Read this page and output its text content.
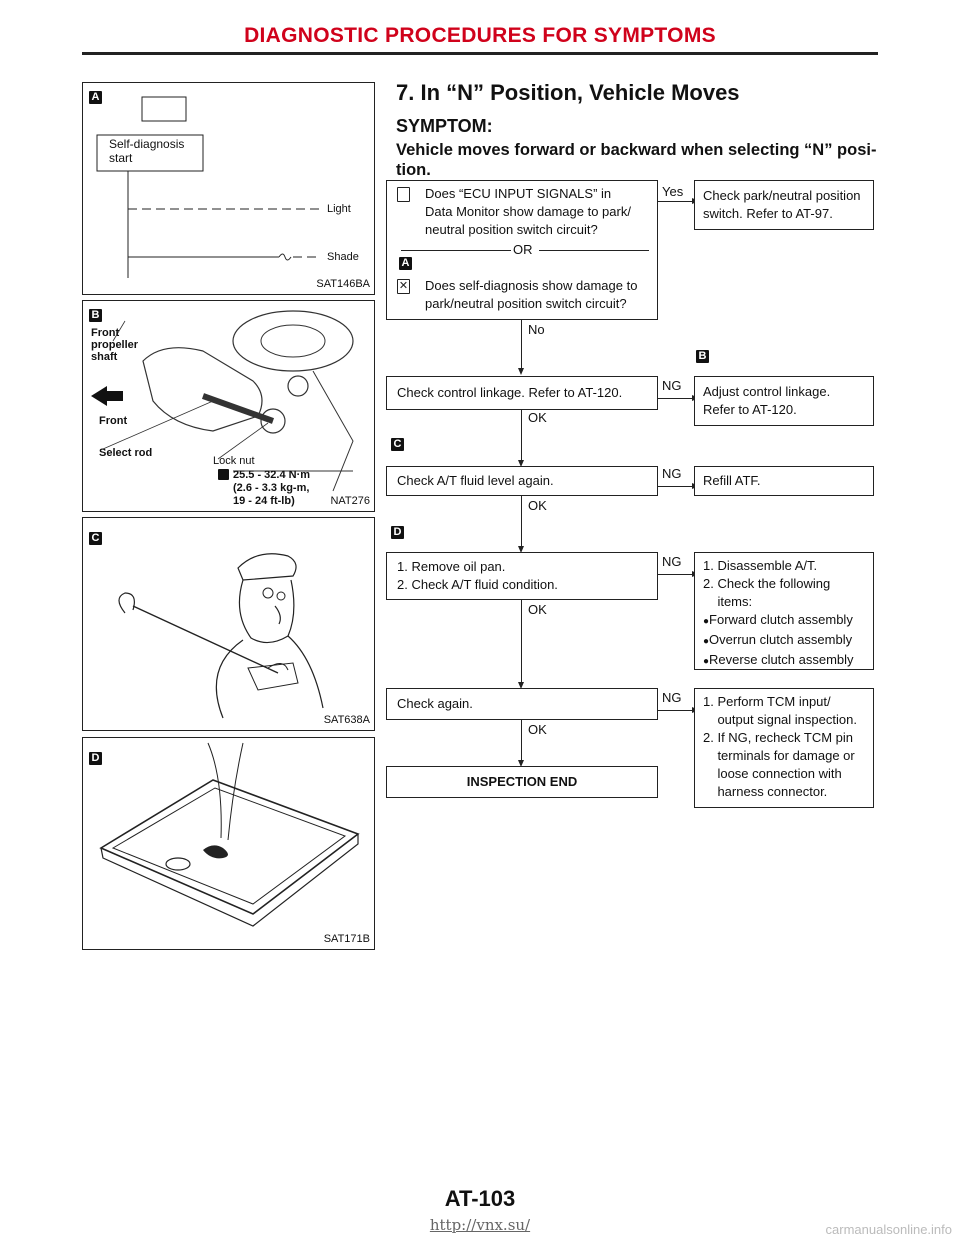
DIAGNOSTIC PROCEDURES FOR SYMPTOMS
A
Self-diagnosis
start
Light
Shade
SAT146BA
B
Front
propeller
shaft
Front
Select rod
Lock nut
25.5 - 32.4 N·m
(2.6 - 3.3 kg-m,
19 - 24 ft-lb)	NAT276
C
SAT638A
D
SAT171B
7. In “N” Position, Vehicle Moves
SYMPTOM:
Vehicle moves forward or backward when selecting “N” posi-
tion.
Does “ECU INPUT SIGNALS” in
Data Monitor show damage to park/
neutral position switch circuit?
OR
A
✕ Does self-diagnosis show damage to
park/neutral position switch circuit?
Yes Check park/neutral position
switch. Refer to AT-97.
No
B
Check control linkage. Refer to AT-120.	NG Adjust control linkage.
Refer to AT-120.
OK
C
Check A/T fluid level again.	NG Refill ATF.
OK
D
1. Remove oil pan.
2. Check A/T fluid condition.
NG 1. Disassemble A/T.
2. Check the following
items:
●Forward clutch assembly
●Overrun clutch assembly
●Reverse clutch assembly
OK
Check again.	NG 1. Perform TCM input/
output signal inspection.
2. If NG, recheck TCM pin
terminals for damage or
loose connection with
harness connector.
OK
INSPECTION END
AT-103
http://vnx.su/	carmanualsonline.info
